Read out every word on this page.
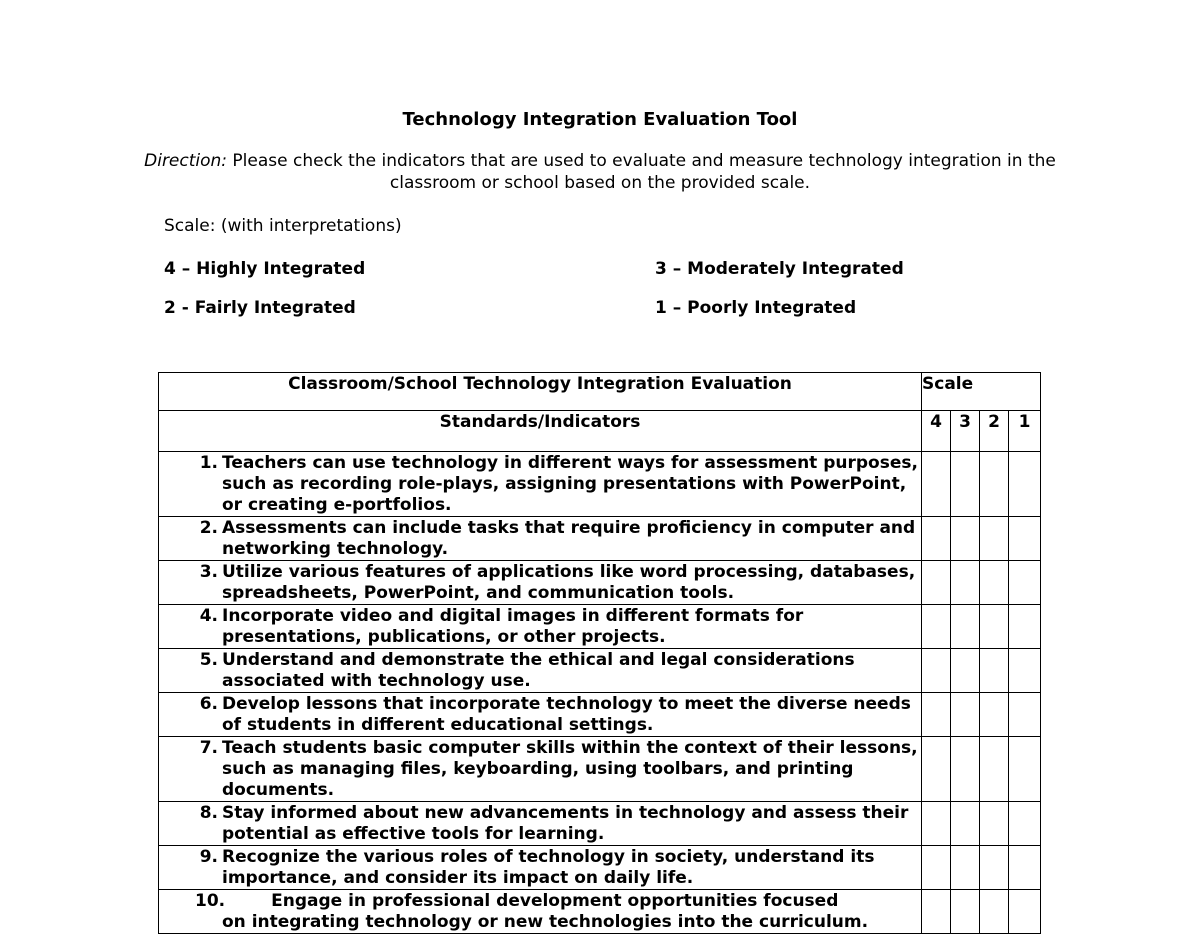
Technology Integration Evaluation Tool
Direction: Please check the indicators that are used to evaluate and measure technology integration in the classroom or school based on the provided scale.
Scale: (with interpretations)
4 – Highly Integrated	3 – Moderately Integrated
2 - Fairly Integrated	1 – Poorly Integrated
Classroom/School Technology Integration Evaluation	Scale			
Standards/Indicators	4	3	2	1

1. Teachers can use technology in different ways for assessment purposes, such as recording role-plays, assigning presentations with PowerPoint, or creating e-portfolios.				

2. Assessments can include tasks that require proficiency in computer and networking technology.				

3. Utilize various features of applications like word processing, databases, spreadsheets, PowerPoint, and communication tools.				

4. Incorporate video and digital images in different formats for presentations, publications, or other projects.				

5. Understand and demonstrate the ethical and legal considerations associated with technology use.				

6. Develop lessons that incorporate technology to meet the diverse needs of students in different educational settings.				

7. Teach students basic computer skills within the context of their lessons, such as managing files, keyboarding, using toolbars, and printing documents.				

8. Stay informed about new advancements in technology and assess their potential as effective tools for learning.				

9. Recognize the various roles of technology in society, understand its importance, and consider its impact on daily life.				

10. Engage in professional development opportunities focused
on integrating technology or new technologies into the curriculum.				
